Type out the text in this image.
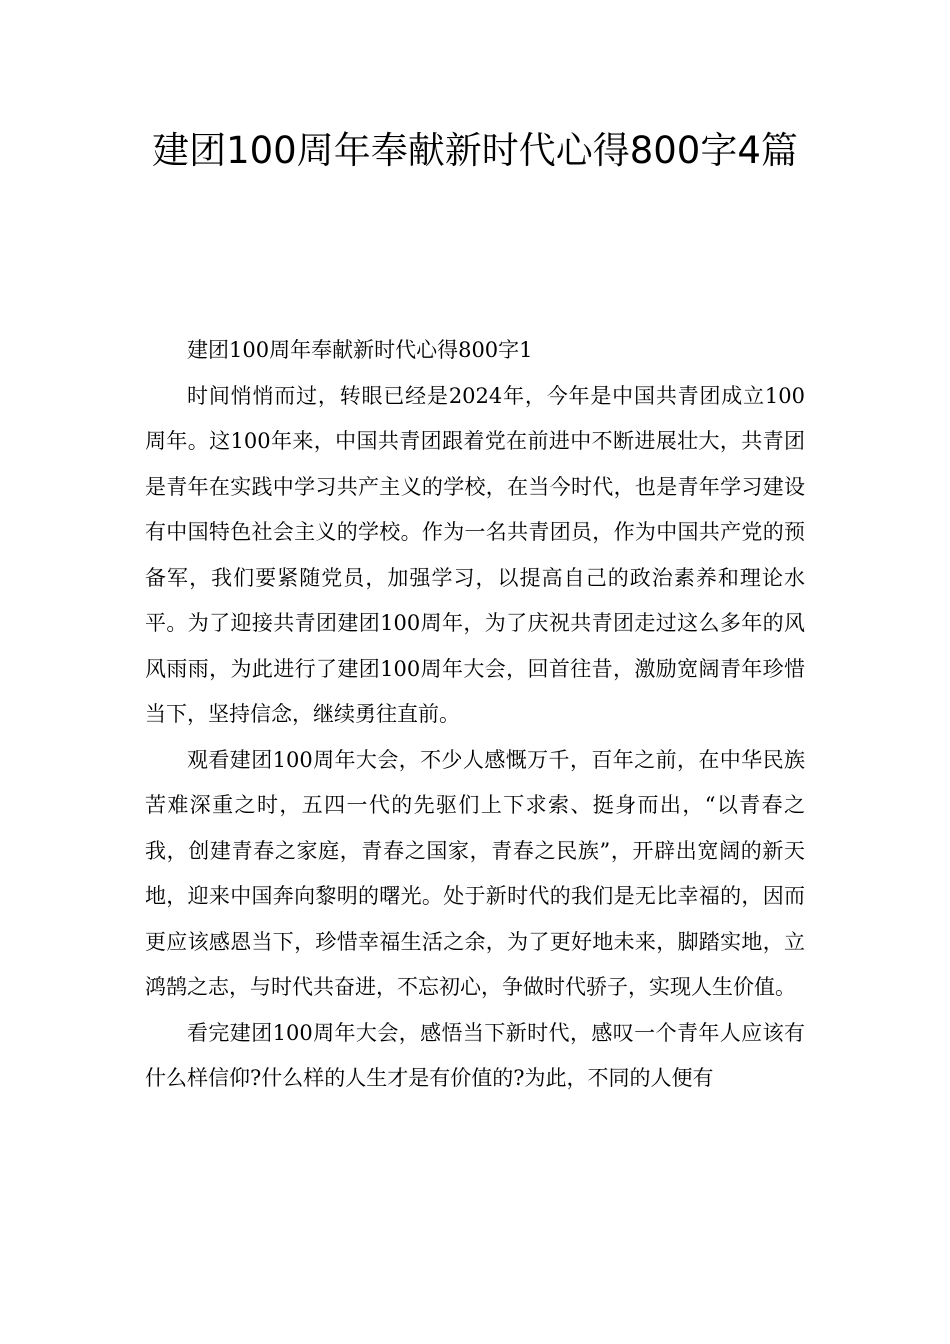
建团100周年奉献新时代心得800字4篇

建团100周年奉献新时代心得800字1

时间悄悄而过，转眼已经是2024年，今年是中国共青团成立100周年。这100年来，中国共青团跟着党在前进中不断进展壮大，共青团是青年在实践中学习共产主义的学校，在当今时代，也是青年学习建设有中国特色社会主义的学校。作为一名共青团员，作为中国共产党的预备军，我们要紧随党员，加强学习，以提高自己的政治素养和理论水平。为了迎接共青团建团100周年，为了庆祝共青团走过这么多年的风风雨雨，为此进行了建团100周年大会，回首往昔，激励宽阔青年珍惜当下，坚持信念，继续勇往直前。

观看建团100周年大会，不少人感慨万千，百年之前，在中华民族苦难深重之时，五四一代的先驱们上下求索、挺身而出，“以青春之我，创建青春之家庭，青春之国家，青春之民族”，开辟出宽阔的新天地，迎来中国奔向黎明的曙光。处于新时代的我们是无比幸福的，因而更应该感恩当下，珍惜幸福生活之余，为了更好地未来，脚踏实地，立鸿鹄之志，与时代共奋进，不忘初心，争做时代骄子，实现人生价值。

看完建团100周年大会，感悟当下新时代，感叹一个青年人应该有什么样信仰?什么样的人生才是有价值的?为此，不同的人便有
